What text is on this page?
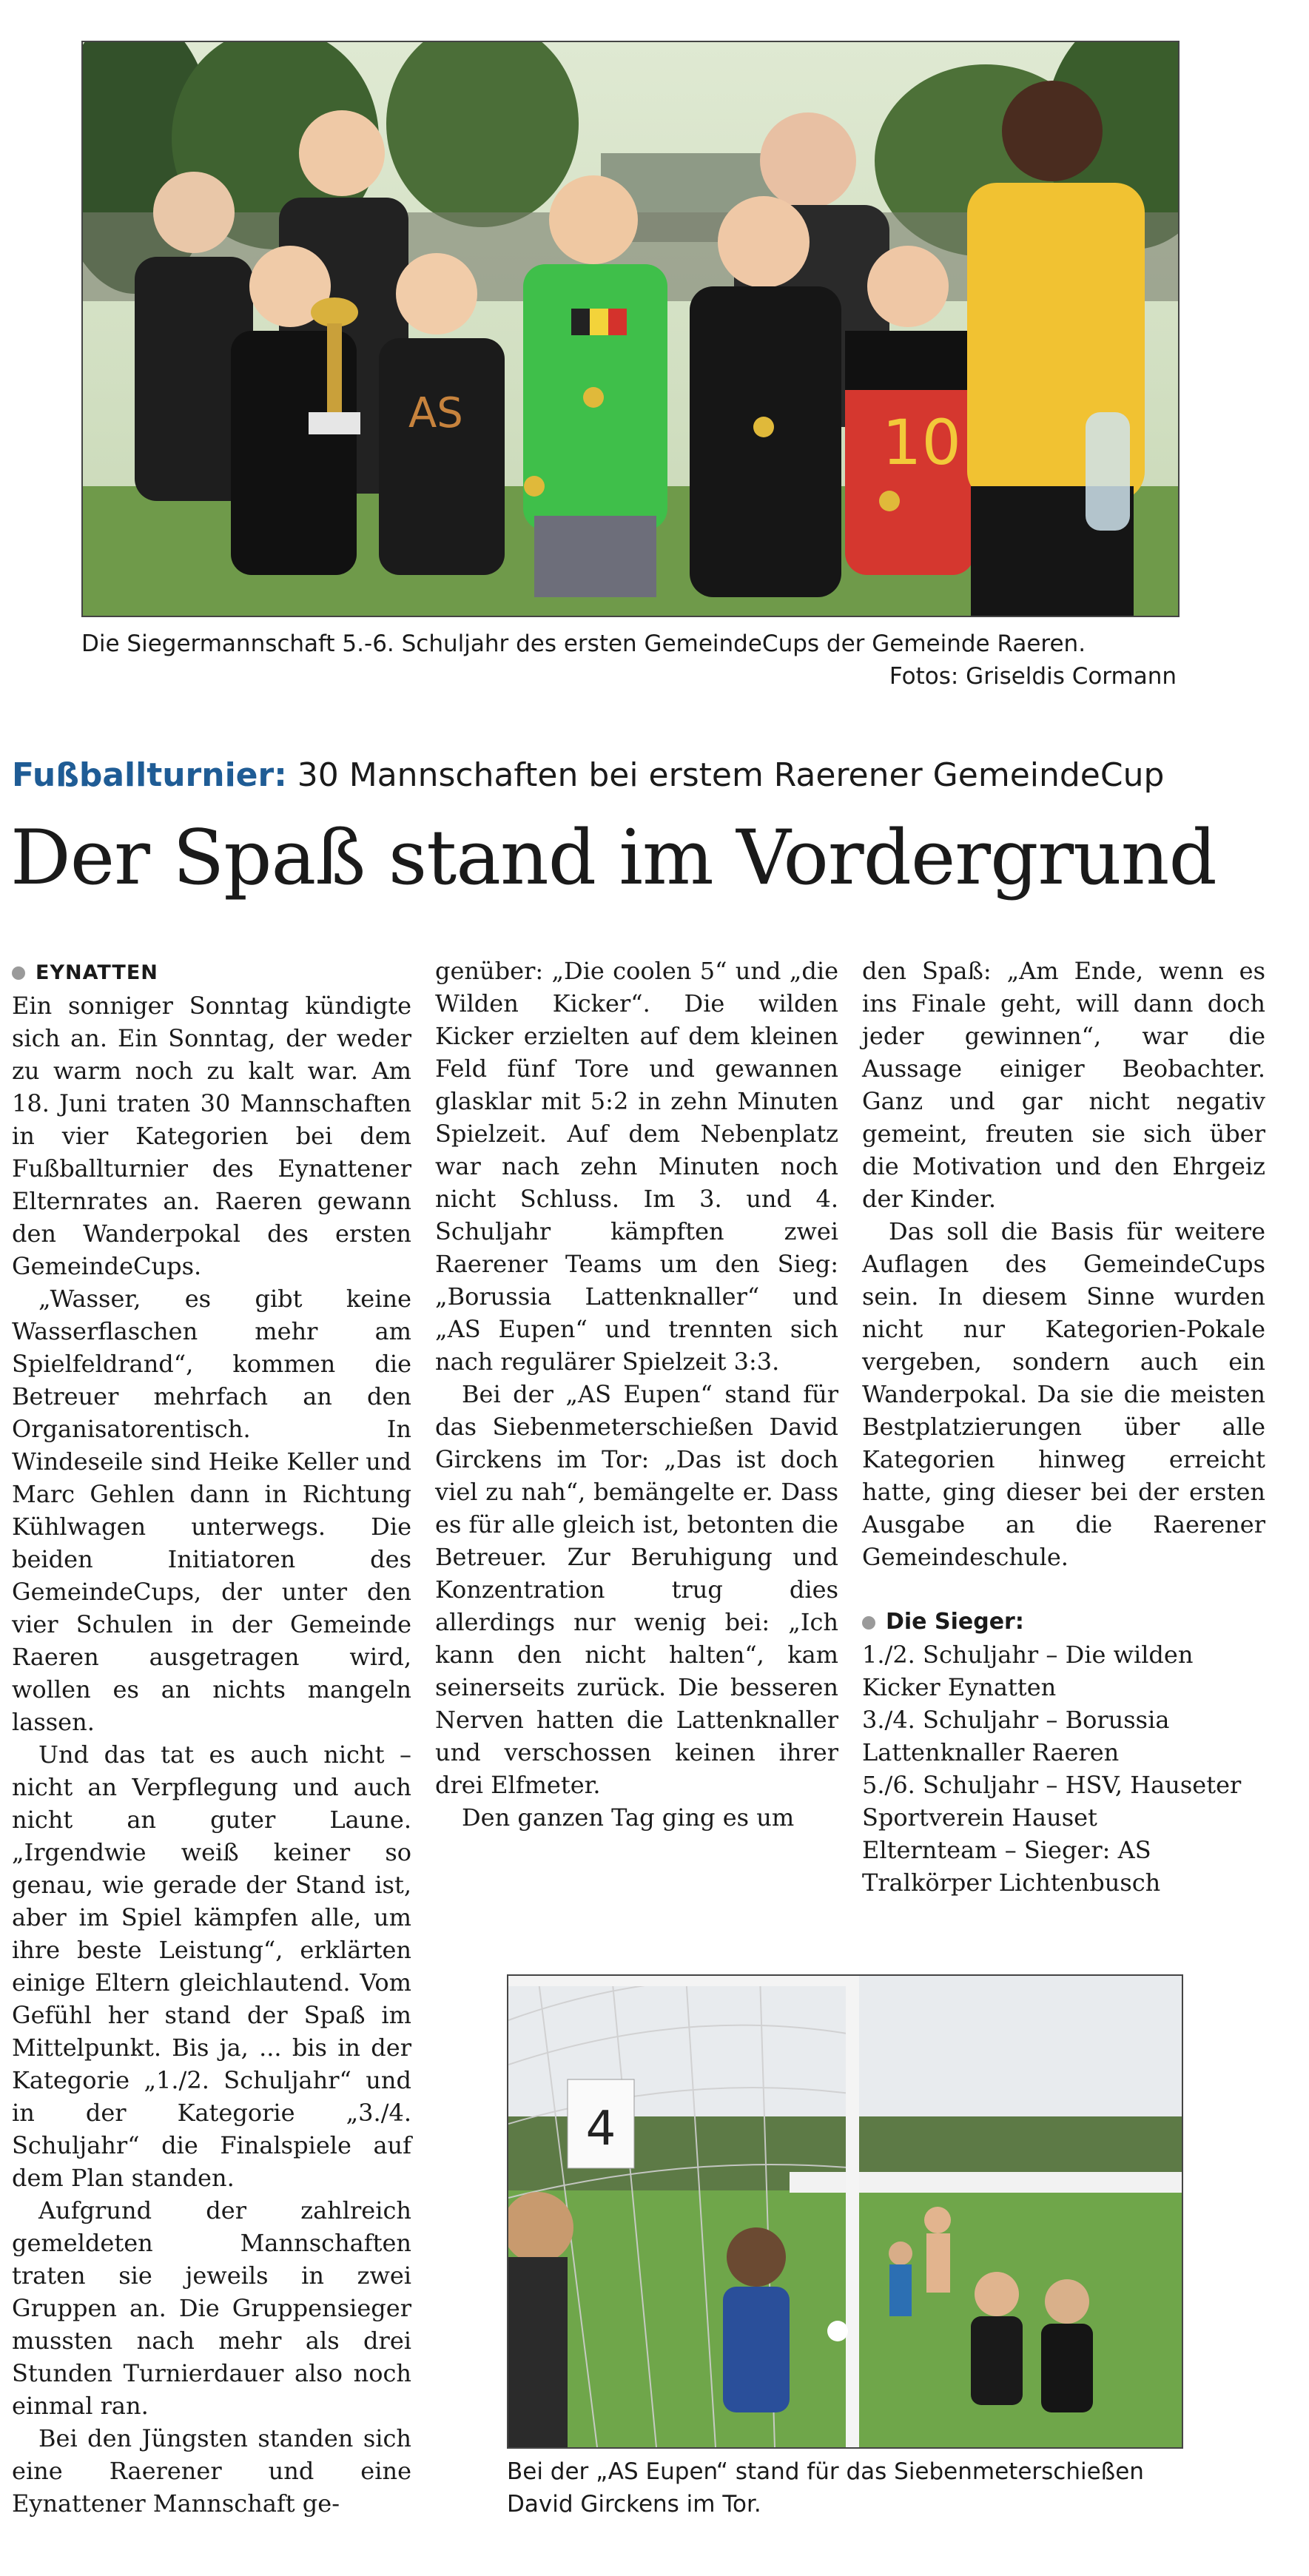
AS	10
Die Siegermannschaft 5.-6. Schuljahr des ersten GemeindeCups der Gemeinde Raeren.
Fotos: Griseldis Cormann
Fußballturnier: 30 Mannschaften bei erstem Raerener GemeindeCup
Der Spaß stand im Vordergrund

EYNATTEN

Ein sonniger Sonntag kündigte sich an. Ein Sonntag, der weder zu warm noch zu kalt war. Am 18. Juni traten 30 Mannschaften in vier Kategorien bei dem Fußballturnier des Eynattener Elternrates an. Raeren gewann den Wanderpokal des ersten GemeindeCups.

„Wasser, es gibt keine Wasserflaschen mehr am Spielfeldrand“, kommen die Betreuer mehrfach an den Organisatorentisch. In Windeseile sind Heike Keller und Marc Gehlen dann in Richtung Kühlwagen unterwegs. Die beiden Initiatoren des GemeindeCups, der unter den vier Schulen in der Gemeinde Raeren ausgetragen wird, wollen es an nichts mangeln lassen.

Und das tat es auch nicht – nicht an Verpflegung und auch nicht an guter Laune. „Irgendwie weiß keiner so genau, wie gerade der Stand ist, aber im Spiel kämpfen alle, um ihre beste Leistung“, erklärten einige Eltern gleichlautend. Vom Gefühl her stand der Spaß im Mittelpunkt. Bis ja, ... bis in der Kategorie „1./2. Schuljahr“ und in der Kategorie „3./4. Schuljahr“ die Finalspiele auf dem Plan standen.

Aufgrund der zahlreich gemeldeten Mannschaften traten sie jeweils in zwei Gruppen an. Die Gruppensieger mussten nach mehr als drei Stunden Turnierdauer also noch einmal ran.

Bei den Jüngsten standen sich eine Raerener und eine Eynattener Mannschaft ge-

genüber: „Die coolen 5“ und „die Wilden Kicker“. Die wilden Kicker erzielten auf dem kleinen Feld fünf Tore und gewannen glasklar mit 5:2 in zehn Minuten Spielzeit. Auf dem Nebenplatz war nach zehn Minuten noch nicht Schluss. Im 3. und 4. Schuljahr kämpften zwei Raerener Teams um den Sieg: „Borussia Lattenknaller“ und „AS Eupen“ und trennten sich nach regulärer Spielzeit 3:3.

Bei der „AS Eupen“ stand für das Siebenmeterschießen David Girckens im Tor: „Das ist doch viel zu nah“, bemängelte er. Dass es für alle gleich ist, betonten die Betreuer. Zur Beruhigung und Konzentration trug dies allerdings nur wenig bei: „Ich kann den nicht halten“, kam seinerseits zurück. Die besseren Nerven hatten die Lattenknaller und verschossen keinen ihrer drei Elfmeter.

Den ganzen Tag ging es um

den Spaß: „Am Ende, wenn es ins Finale geht, will dann doch jeder gewinnen“, war die Aussage einiger Beobachter. Ganz und gar nicht negativ gemeint, freuten sie sich über die Motivation und den Ehrgeiz der Kinder.

Das soll die Basis für weitere Auflagen des GemeindeCups sein. In diesem Sinne wurden nicht nur Kategorien-Pokale vergeben, sondern auch ein Wanderpokal. Da sie die meisten Bestplatzierungen über alle Kategorien hinweg erreicht hatte, ging dieser bei der ersten Ausgabe an die Raerener Gemeindeschule.

Die Sieger:

1./2. Schuljahr – Die wilden Kicker Eynatten

3./4. Schuljahr – Borussia Lattenknaller Raeren

5./6. Schuljahr – HSV, Hauseter Sportverein Hauset

Elternteam – Sieger: AS Tralkörper Lichtenbusch

4
Bei der „AS Eupen“ stand für das Siebenmeterschießen
David Girckens im Tor.
